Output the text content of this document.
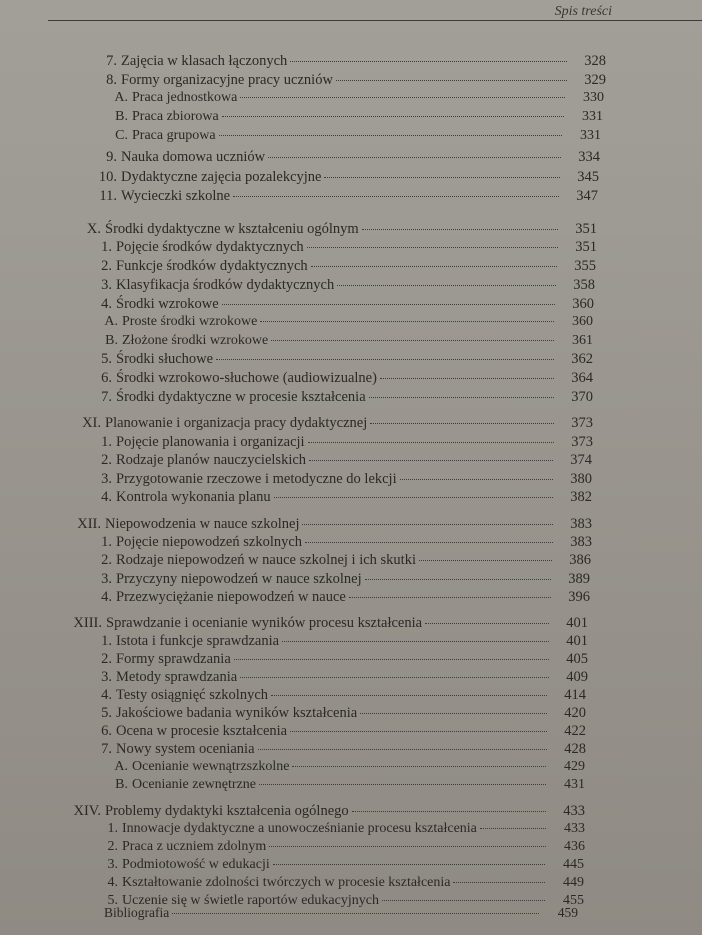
Spis treści
7. Zajęcia w klasach łączonych	328
8. Formy organizacyjne pracy uczniów	329
A. Praca jednostkowa	330
B. Praca zbiorowa	331
C. Praca grupowa	331
9. Nauka domowa uczniów	334
10. Dydaktyczne zajęcia pozalekcyjne	345
11. Wycieczki szkolne	347
X. Środki dydaktyczne w kształceniu ogólnym	351
1. Pojęcie środków dydaktycznych	351
2. Funkcje środków dydaktycznych	355
3. Klasyfikacja środków dydaktycznych	358
4. Środki wzrokowe	360
A. Proste środki wzrokowe	360
B. Złożone środki wzrokowe	361
5. Środki słuchowe	362
6. Środki wzrokowo-słuchowe (audiowizualne)	364
7. Środki dydaktyczne w procesie kształcenia	370
XI. Planowanie i organizacja pracy dydaktycznej	373
1. Pojęcie planowania i organizacji	373
2. Rodzaje planów nauczycielskich	374
3. Przygotowanie rzeczowe i metodyczne do lekcji	380
4. Kontrola wykonania planu	382
XII. Niepowodzenia w nauce szkolnej	383
1. Pojęcie niepowodzeń szkolnych	383
2. Rodzaje niepowodzeń w nauce szkolnej i ich skutki	386
3. Przyczyny niepowodzeń w nauce szkolnej	389
4. Przezwyciężanie niepowodzeń w nauce	396
XIII. Sprawdzanie i ocenianie wyników procesu kształcenia	401
1. Istota i funkcje sprawdzania	401
2. Formy sprawdzania	405
3. Metody sprawdzania	409
4. Testy osiągnięć szkolnych	414
5. Jakościowe badania wyników kształcenia	420
6. Ocena w procesie kształcenia	422
7. Nowy system oceniania	428
A. Ocenianie wewnątrzszkolne	429
B. Ocenianie zewnętrzne	431
XIV. Problemy dydaktyki kształcenia ogólnego	433
1. Innowacje dydaktyczne a unowocześnianie procesu kształcenia	433
2. Praca z uczniem zdolnym	436
3. Podmiotowość w edukacji	445
4. Kształtowanie zdolności twórczych w procesie kształcenia	449
5. Uczenie się w świetle raportów edukacyjnych	455
Bibliografia	459
